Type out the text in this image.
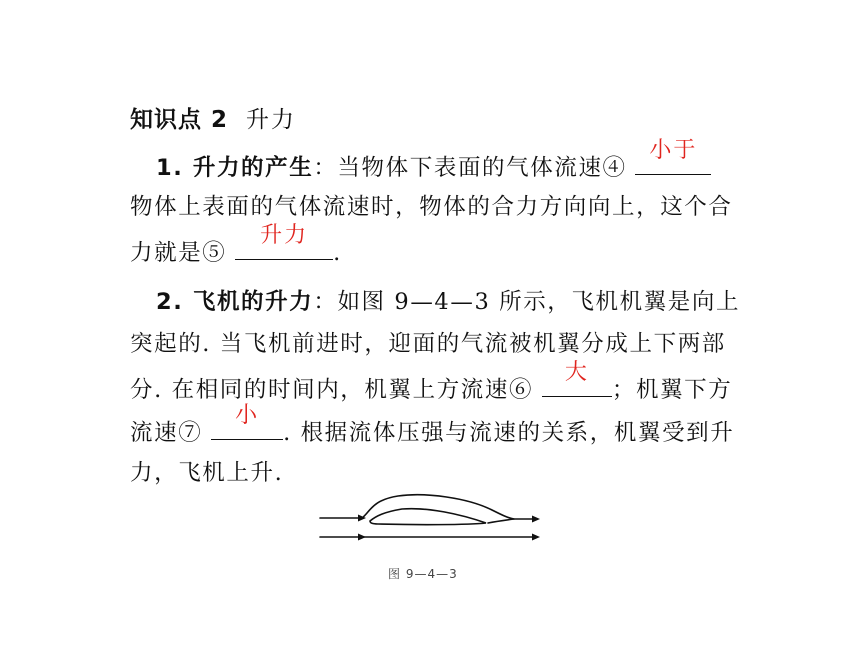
知识点 2 升力
1. 升力的产生：当物体下表面的气体流速④
小于
物体上表面的气体流速时，物体的合力方向向上，这个合
力就是⑤
升力
.
2. 飞机的升力：如图 9—4—3 所示，飞机机翼是向上
突起的. 当飞机前进时，迎面的气流被机翼分成上下两部
分. 在相同的时间内，机翼上方流速⑥
大
；机翼下方
流速⑦
小
. 根据流体压强与流速的关系，机翼受到升
力，飞机上升.
图 9—4—3
